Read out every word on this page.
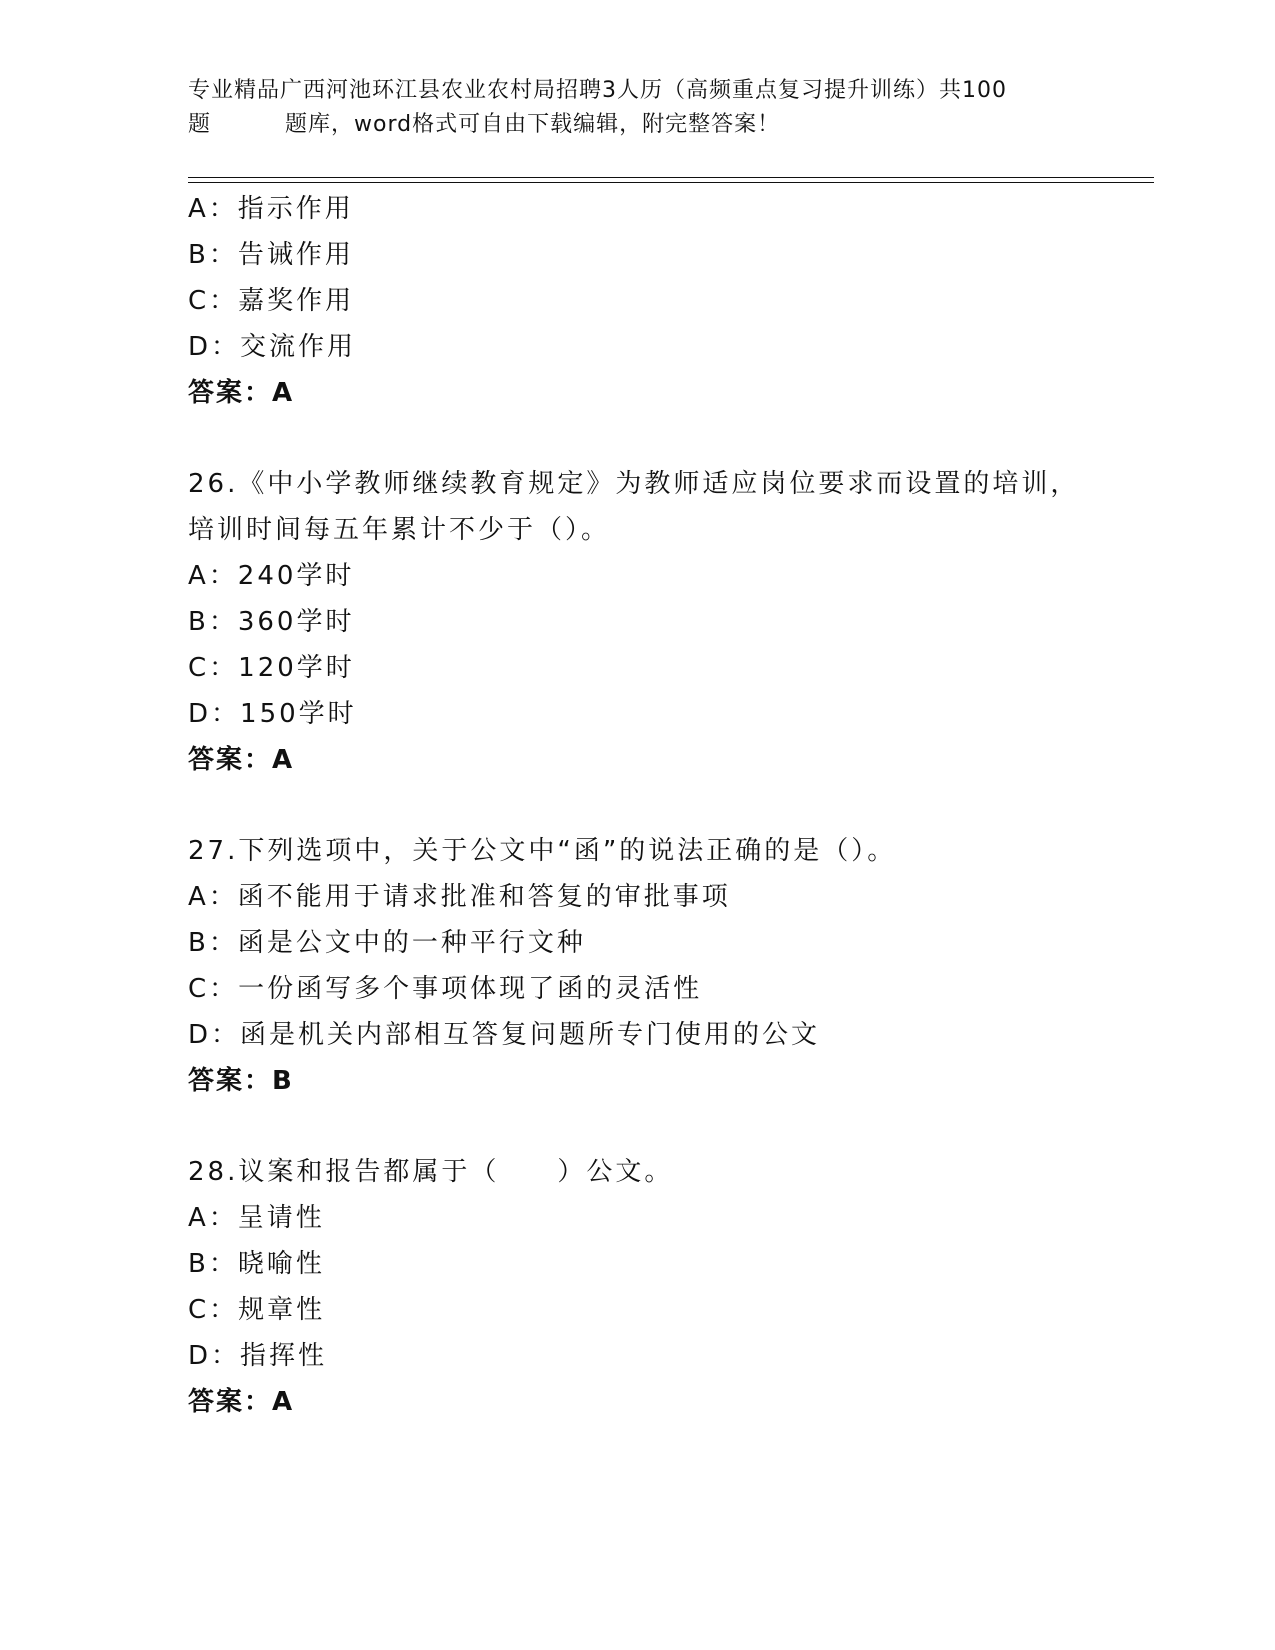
专业精品广西河池环江县农业农村局招聘3人历（高频重点复习提升训练）共100
题	题库，word格式可自由下载编辑，附完整答案！
A：指示作用
B：告诫作用
C：嘉奖作用
D：交流作用
答案：A
26.《中小学教师继续教育规定》为教师适应岗位要求而设置的培训，
培训时间每五年累计不少于（）。
A：240学时
B：360学时
C：120学时
D：150学时
答案：A
27.下列选项中，关于公文中“函”的说法正确的是（）。
A：函不能用于请求批准和答复的审批事项
B：函是公文中的一种平行文种
C：一份函写多个事项体现了函的灵活性
D：函是机关内部相互答复问题所专门使用的公文
答案：B
28.议案和报告都属于（　　）公文。
A：呈请性
B：晓喻性
C：规章性
D：指挥性
答案：A
